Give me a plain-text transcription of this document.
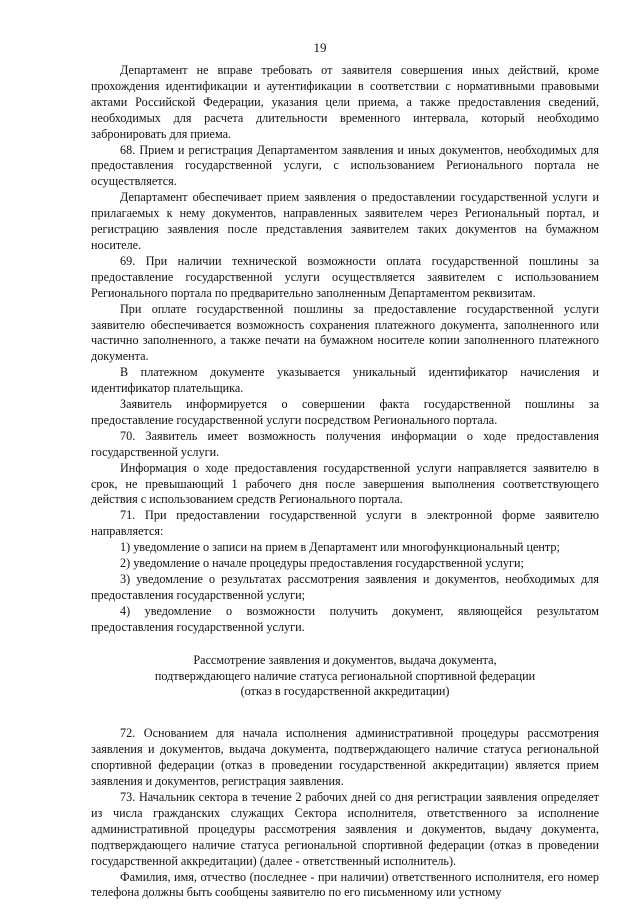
19

Департамент не вправе требовать от заявителя совершения иных действий, кроме прохождения идентификации и аутентификации в соответствии с нормативными правовыми актами Российской Федерации, указания цели приема, а также предоставления сведений, необходимых для расчета длительности временного интервала, который необходимо забронировать для приема.

68. Прием и регистрация Департаментом заявления и иных документов, необходимых для предоставления государственной услуги, с использованием Регионального портала не осуществляется.

Департамент обеспечивает прием заявления о предоставлении государственной услуги и прилагаемых к нему документов, направленных заявителем через Региональный портал, и регистрацию заявления после представления заявителем таких документов на бумажном носителе.

69. При наличии технической возможности оплата государственной пошлины за предоставление государственной услуги осуществляется заявителем с использованием Регионального портала по предварительно заполненным Департаментом реквизитам.

При оплате государственной пошлины за предоставление государственной услуги заявителю обеспечивается возможность сохранения платежного документа, заполненного или частично заполненного, а также печати на бумажном носителе копии заполненного платежного документа.

В платежном документе указывается уникальный идентификатор начисления и идентификатор плательщика.

Заявитель информируется о совершении факта государственной пошлины за предоставление государственной услуги посредством Регионального портала.

70. Заявитель имеет возможность получения информации о ходе предоставления государственной услуги.

Информация о ходе предоставления государственной услуги направляется заявителю в срок, не превышающий 1 рабочего дня после завершения выполнения соответствующего действия с использованием средств Регионального портала.

71. При предоставлении государственной услуги в электронной форме заявителю направляется:

1) уведомление о записи на прием в Департамент или многофункциональный центр;

2) уведомление о начале процедуры предоставления государственной услуги;

3) уведомление о результатах рассмотрения заявления и документов, необходимых для предоставления государственной услуги;

4) уведомление о возможности получить документ, являющейся результатом предоставления государственной услуги.

Рассмотрение заявления и документов, выдача документа,

подтверждающего наличие статуса региональной спортивной федерации

(отказ в государственной аккредитации)

72. Основанием для начала исполнения административной процедуры рассмотрения заявления и документов, выдача документа, подтверждающего наличие статуса региональной спортивной федерации (отказ в проведении государственной аккредитации) является прием заявления и документов, регистрация заявления.

73. Начальник сектора в течение 2 рабочих дней со дня регистрации заявления определяет из числа гражданских служащих Сектора исполнителя, ответственного за исполнение административной процедуры рассмотрения заявления и документов, выдачу документа, подтверждающего наличие статуса региональной спортивной федерации (отказ в проведении государственной аккредитации) (далее - ответственный исполнитель).

Фамилия, имя, отчество (последнее - при наличии) ответственного исполнителя, его номер телефона должны быть сообщены заявителю по его письменному или устному
